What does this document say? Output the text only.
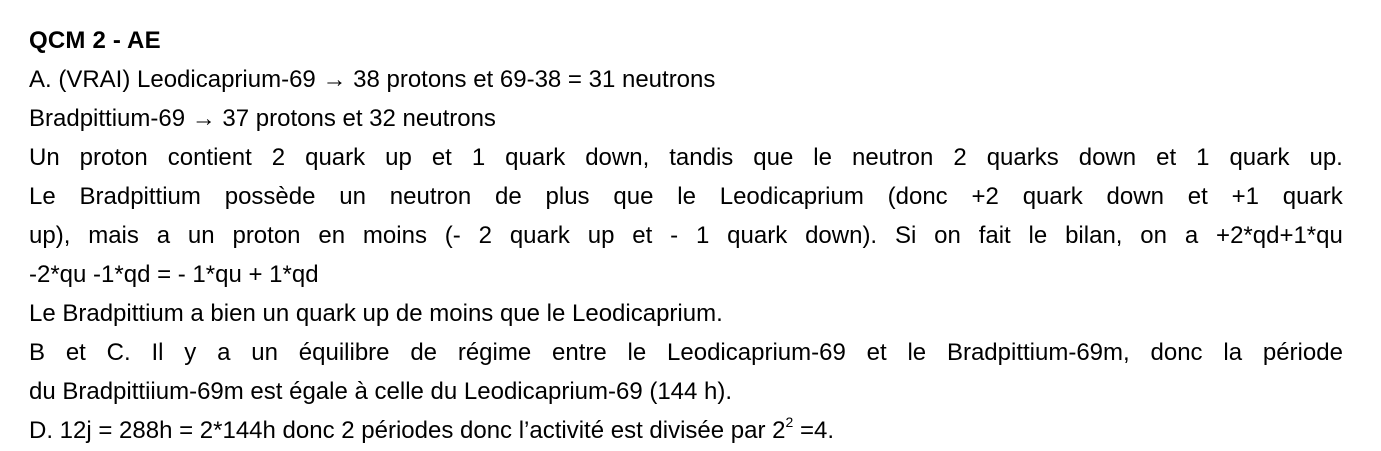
QCM 2 - AE

A. (VRAI) Leodicaprium-69 → 38 protons et 69-38 = 31 neutrons

Bradpittium-69 → 37 protons et 32 neutrons

Un proton contient 2 quark up et 1 quark down, tandis que le neutron 2 quarks down et 1 quark up.

Le Bradpittium possède un neutron de plus que le Leodicaprium (donc +2 quark down et +1 quark

up), mais a un proton en moins (- 2 quark up et - 1 quark down). Si on fait le bilan, on a +2*qd+1*qu

-2*qu -1*qd = - 1*qu + 1*qd

Le Bradpittium a bien un quark up de moins que le Leodicaprium.

B et C. Il y a un équilibre de régime entre le Leodicaprium-69 et le Bradpittium-69m, donc la période

du Bradpittiium-69m est égale à celle du Leodicaprium-69 (144 h).

D. 12j = 288h = 2*144h donc 2 périodes donc l’activité est divisée par $2^2 =4$.
